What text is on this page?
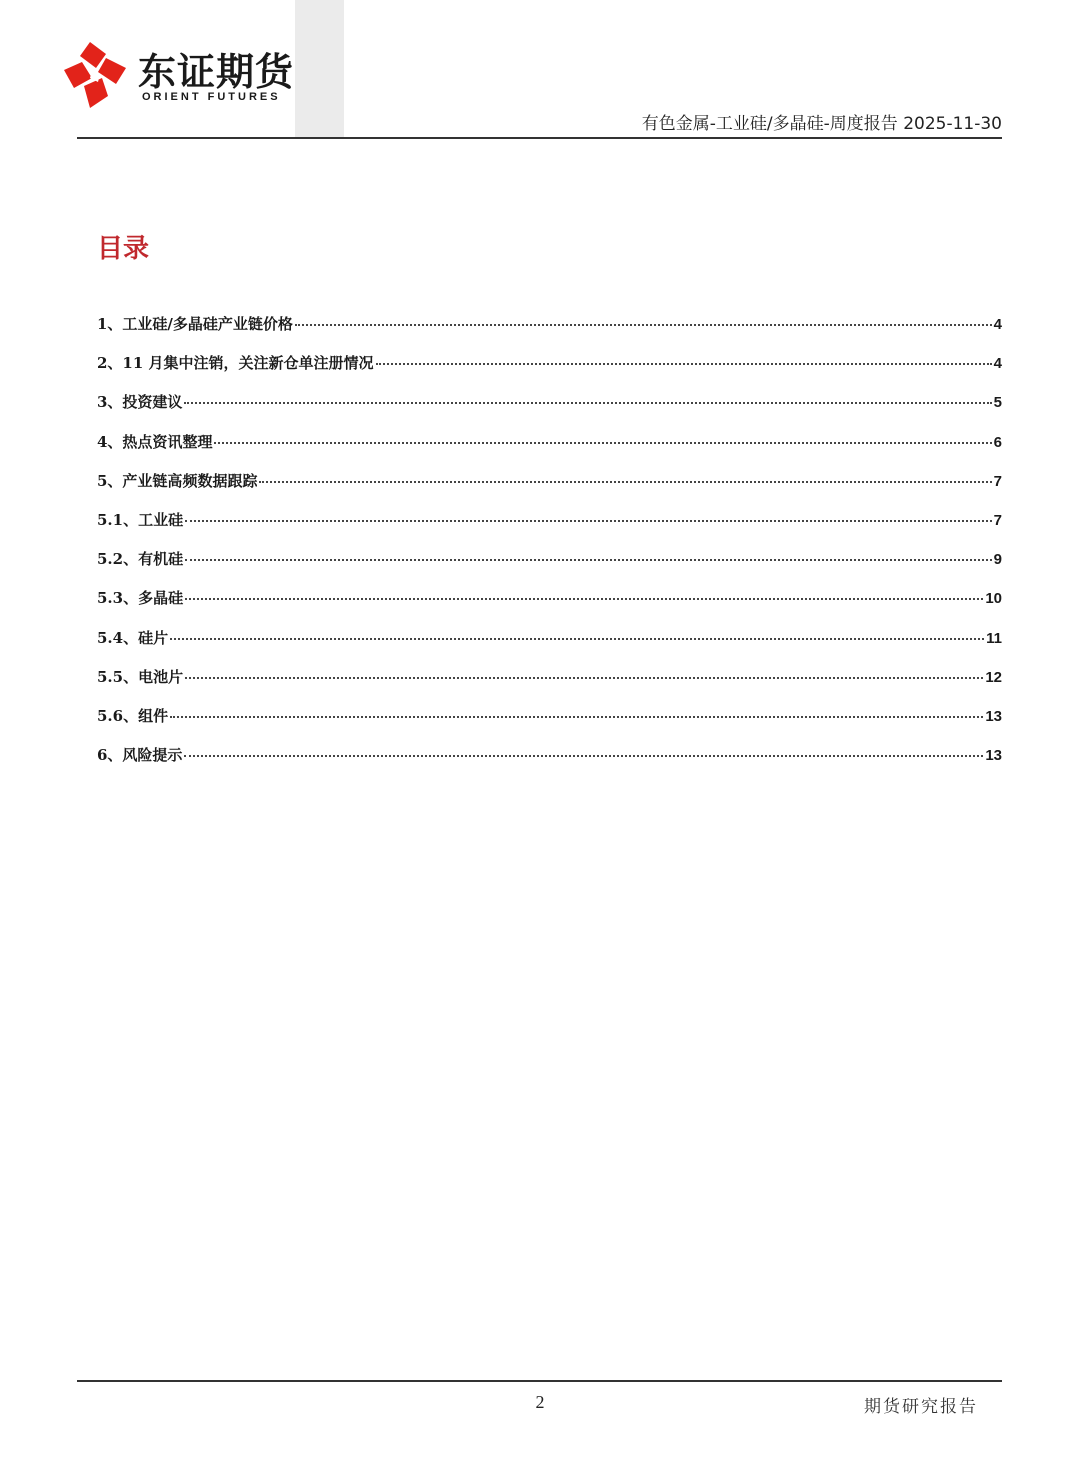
东证期货
ORIENT FUTURES
有色金属-工业硅/多晶硅-周度报告 2025-11-30
目录
1、工业硅/多晶硅产业链价格	4
2、11 月集中注销，关注新仓单注册情况	4
3、投资建议	5
4、热点资讯整理	6
5、产业链高频数据跟踪	7
5.1、工业硅	7
5.2、有机硅	9
5.3、多晶硅	10
5.4、硅片	11
5.5、电池片	12
5.6、组件	13
6、风险提示	13
2	期货研究报告
